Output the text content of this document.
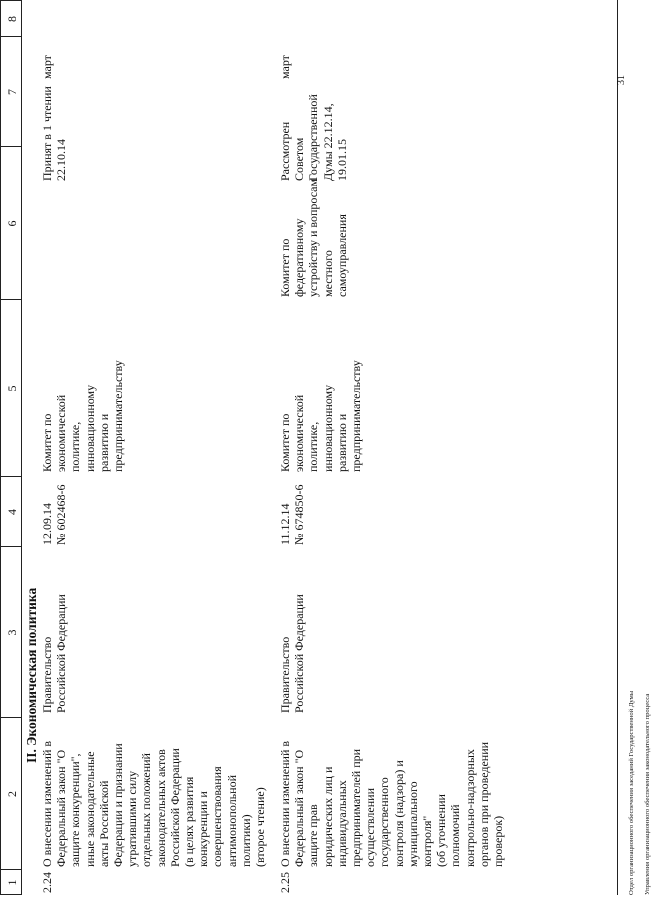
1
2
3
4
5
6
7
8
II. Экономическая политика
2.24
О внесении изменений в
Федеральный закон "О
защите конкуренции",
иные законодательные
акты Российской
Федерации и признании
утратившими силу
отдельных положений
законодательных актов
Российской Федерации
(в целях развития
конкуренции и
совершенствования
антимонопольной
политики)
(второе чтение)
Правительство
Российской Федерации
12.09.14
№ 602468-6
Комитет по
экономической
политике,
инновационному
развитию и
предпринимательству
Принят в 1 чтении
22.10.14
март
2.25
О внесении изменений в
Федеральный закон "О
защите прав
юридических лиц и
индивидуальных
предпринимателей при
осуществлении
государственного
контроля (надзора) и
муниципального
контроля"
(об уточнении
полномочий
контрольно-надзорных
органов при проведении
проверок)
Правительство
Российской Федерации
11.12.14
№ 674850-6
Комитет по
экономической
политике,
инновационному
развитию и
предпринимательству
Комитет по
федеративному
устройству и вопросам
местного
самоуправления
Рассмотрен
Советом
Государственной
Думы 22.12.14,
19.01.15
март

Отдел организационного обеспечения заседаний Государственной Думы Управления организационного обеспечения законодательного процесса

31
